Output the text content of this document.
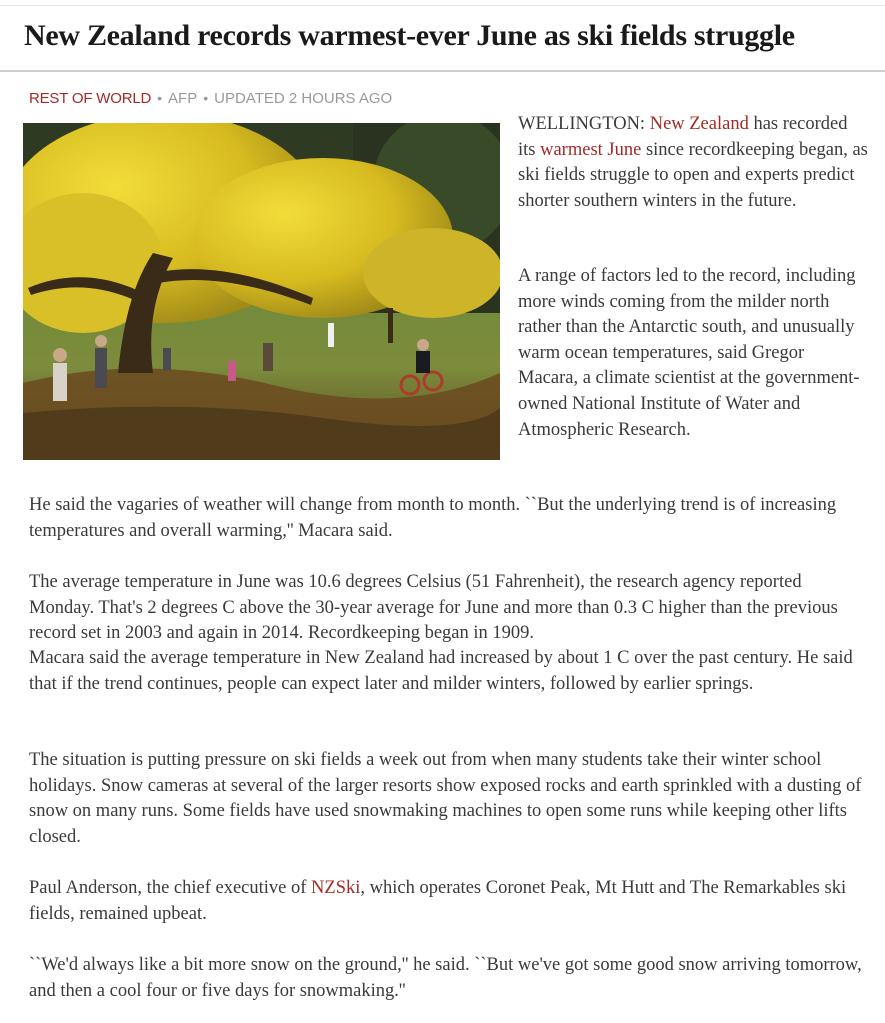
New Zealand records warmest-ever June as ski fields struggle
REST OF WORLD • AFP • UPDATED 2 HOURS AGO

WELLINGTON: New Zealand has recorded its warmest June since recordkeeping began, as ski fields struggle to open and experts predict shorter southern winters in the future.

A range of factors led to the record, including more winds coming from the milder north rather than the Antarctic south, and unusually warm ocean temperatures, said Gregor Macara, a climate scientist at the government-owned National Institute of Water and Atmospheric Research.

He said the vagaries of weather will change from month to month. ``But the underlying trend is of increasing temperatures and overall warming,'' Macara said.

The average temperature in June was 10.6 degrees Celsius (51 Fahrenheit), the research agency reported Monday. That's 2 degrees C above the 30-year average for June and more than 0.3 C higher than the previous record set in 2003 and again in 2014. Recordkeeping began in 1909.

Macara said the average temperature in New Zealand had increased by about 1 C over the past century. He said that if the trend continues, people can expect later and milder winters, followed by earlier springs.

The situation is putting pressure on ski fields a week out from when many students take their winter school holidays. Snow cameras at several of the larger resorts show exposed rocks and earth sprinkled with a dusting of snow on many runs. Some fields have used snowmaking machines to open some runs while keeping other lifts closed.

Paul Anderson, the chief executive of NZSki, which operates Coronet Peak, Mt Hutt and The Remarkables ski fields, remained upbeat.

``We'd always like a bit more snow on the ground,'' he said. ``But we've got some good snow arriving tomorrow, and then a cool four or five days for snowmaking.''
